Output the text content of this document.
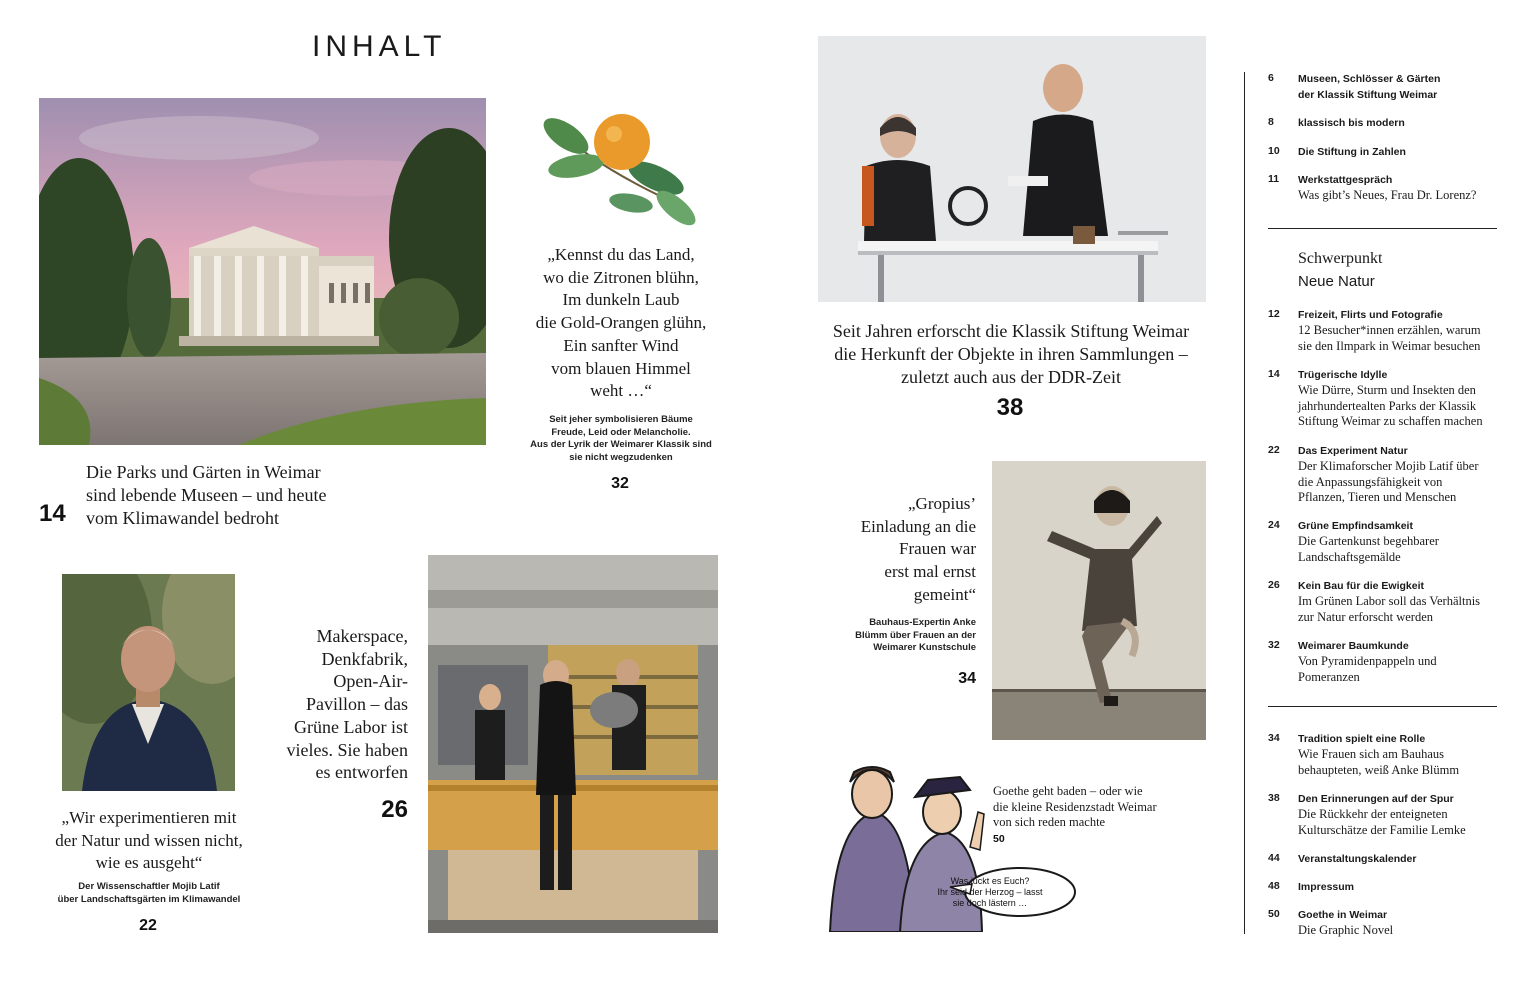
INHALT
Die Parks und Gärten in Weimar
sind lebende Museen – und heute
vom Klimawandel bedroht
14
„Kennst du das Land,
wo die Zitronen blühn,
Im dunkeln Laub
die Gold-Orangen glühn,
Ein sanfter Wind
vom blauen Himmel
weht …“
Seit jeher symbolisieren Bäume
Freude, Leid oder Melancholie.
Aus der Lyrik der Weimarer Klassik sind
sie nicht wegzudenken
32
„Wir experimentieren mit
der Natur und wissen nicht,
wie es ausgeht“
Der Wissenschaftler Mojib Latif
über Landschaftsgärten im Klimawandel
22
Makerspace,
Denkfabrik,
Open-Air-
Pavillon – das
Grüne Labor ist
vieles. Sie haben
es entworfen
26
Seit Jahren erforscht die Klassik Stiftung Weimar
die Herkunft der Objekte in ihren Sammlungen –
zuletzt auch aus der DDR-Zeit
38
„Gropius’
Einladung an die
Frauen war
erst mal ernst
gemeint“
Bauhaus-Expertin Anke
Blümm über Frauen an der
Weimarer Kunstschule
34
Was juckt es Euch?
Ihr seid der Herzog – lasst
sie doch lästern …
Goethe geht baden – oder wie
die kleine Residenzstadt Weimar
von sich reden machte
50
6	Museen, Schlösser & Gärten
der Klassik Stiftung Weimar
8	klassisch bis modern
10	Die Stiftung in Zahlen
11	Werkstattgespräch
Was gibt’s Neues, Frau Dr. Lorenz?
Schwerpunkt
Neue Natur
12	Freizeit, Flirts und Fotografie
12 Besucher*innen erzählen, warum
sie den Ilmpark in Weimar besuchen
14	Trügerische Idylle
Wie Dürre, Sturm und Insekten den
jahrhundertealten Parks der Klassik
Stiftung Weimar zu schaffen machen
22	Das Experiment Natur
Der Klimaforscher Mojib Latif über
die Anpassungsfähigkeit von
Pflanzen, Tieren und Menschen
24	Grüne Empfindsamkeit
Die Gartenkunst begehbarer
Landschaftsgemälde
26	Kein Bau für die Ewigkeit
Im Grünen Labor soll das Verhältnis
zur Natur erforscht werden
32	Weimarer Baumkunde
Von Pyramidenpappeln und
Pomeranzen
34	Tradition spielt eine Rolle
Wie Frauen sich am Bauhaus
behaupteten, weiß Anke Blümm
38	Den Erinnerungen auf der Spur
Die Rückkehr der enteigneten
Kulturschätze der Familie Lemke
44	Veranstaltungskalender
48	Impressum
50	Goethe in Weimar
Die Graphic Novel
